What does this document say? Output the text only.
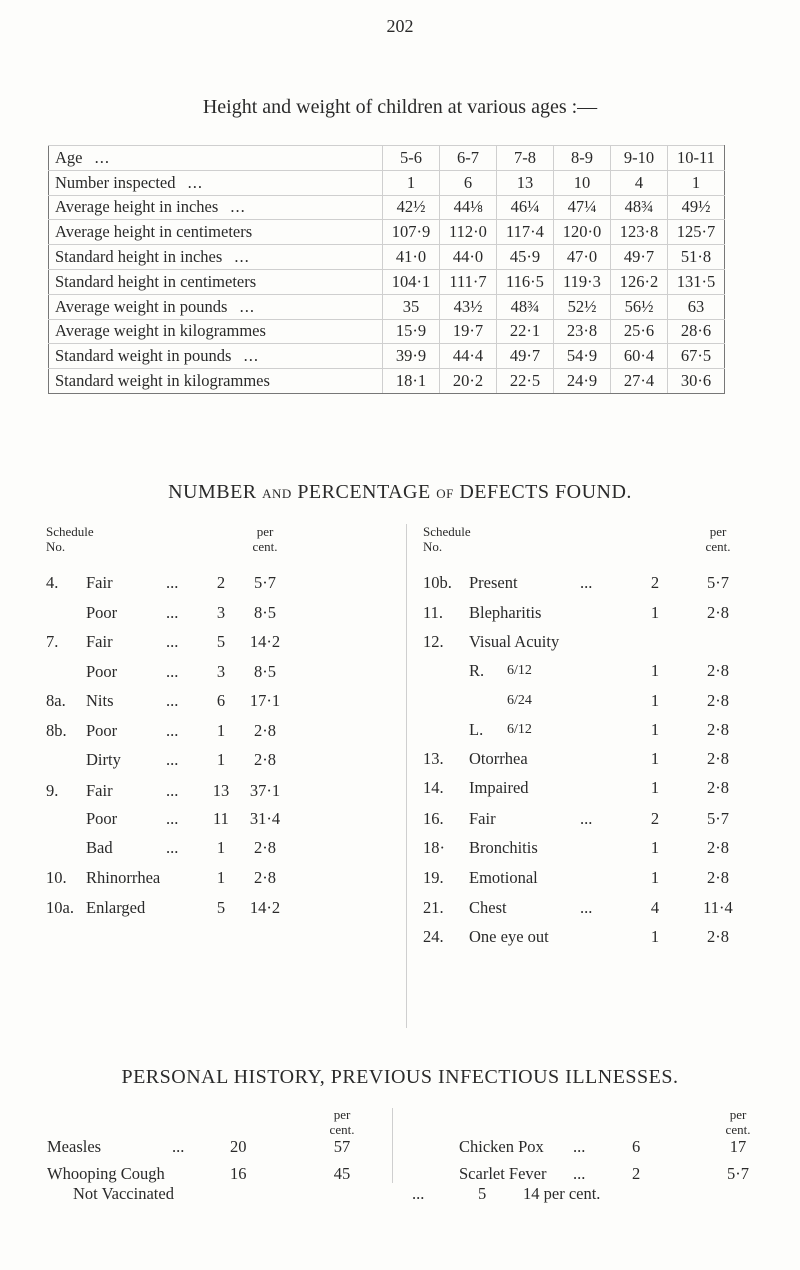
202
Height and weight of children at various ages :—
Age ...	5-6	6-7	7-8	8-9	9-10	10-11
Number inspected ...	1	6	13	10	4	1
Average height in inches ...	42½	44⅛	46¼	47¼	48¾	49½
Average height in centimeters	107·9	112·0	117·4	120·0	123·8	125·7
Standard height in inches ...	41·0	44·0	45·9	47·0	49·7	51·8
Standard height in centimeters	104·1	111·7	116·5	119·3	126·2	131·5
Average weight in pounds ...	35	43½	48¾	52½	56½	63
Average weight in kilogrammes	15·9	19·7	22·1	23·8	25·6	28·6
Standard weight in pounds ...	39·9	44·4	49·7	54·9	60·4	67·5
Standard weight in kilogrammes	18·1	20·2	22·5	24·9	27·4	30·6
NUMBER AND PERCENTAGE OF DEFECTS FOUND.
Schedule
No.
per
cent.
Schedule
No.
per
cent.
4. Fair	...	2	5·7
Poor	...	3	8·5
7. Fair	...	5	14·2
Poor	...	3	8·5
8a. Nits	...	6	17·1
8b. Poor	...	1	2·8
Dirty	...	1	2·8
9. Fair	... 13 37·1
Poor	... 11 31·4
Bad	...	1	2·8
10. Rhinorrhea	1	2·8
10a. Enlarged	5	14·2
10b. Present	...	2	5·7
11. Blepharitis	1	2·8
12. Visual Acuity
R. 6/12	1	2·8
6/24	1	2·8
L. 6/12	1	2·8
13. Otorrhea	1	2·8
14. Impaired	1	2·8
16. Fair	...	2	5·7
18· Bronchitis	1	2·8
19. Emotional	1	2·8
21. Chest	...	4	11·4
24. One eye out	1	2·8
PERSONAL HISTORY, PREVIOUS INFECTIOUS ILLNESSES.
per
cent.
per
cent.
Measles	...	20	57
Whooping Cough	16	45
Chicken Pox ...	6	17
Scarlet Fever ...	2	5·7
Not Vaccinated	...	5 14 per cent.
